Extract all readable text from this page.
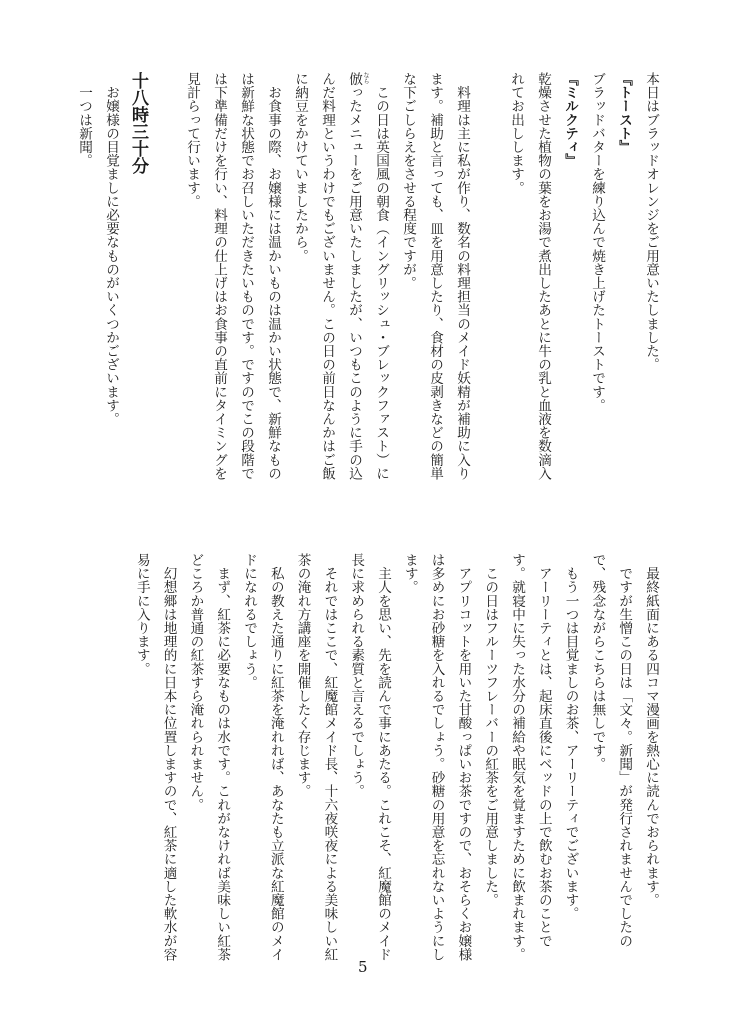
本日はブラッドオレンジをご用意いたしました。
『トースト』
ブラッドバターを練り込んで焼き上げたトーストです。
『ミルクティ』
乾燥させた植物の葉をお湯で煮出したあとに牛の乳と血液を数滴入
れてお出しします。
　料理は主に私が作り、数名の料理担当のメイド妖精が補助に入り
ます。補助と言っても、皿を用意したり、食材の皮剥きなどの簡単
な下ごしらえをさせる程度ですが。
　この日は英国風の朝食（イングリッシュ・ブレックファスト）に
倣ったメニューをご用意いたしましたが、いつもこのように手の込 なら
んだ料理というわけでもございません。この日の前日なんかはご飯
に納豆をかけていましたから。
　お食事の際、お嬢様には温かいものは温かい状態で、新鮮なもの
は新鮮な状態でお召しいただきたいものです。ですのでこの段階で
は下準備だけを行い、料理の仕上げはお食事の直前にタイミングを
見計らって行います。
十八時三十分
　お嬢様の目覚ましに必要なものがいくつかございます。
　一つは新聞。
　最終紙面にある四コマ漫画を熱心に読んでおられます。
　ですが生憎この日は「文々。新聞」が発行されませんでしたの
で、残念ながらこちらは無しです。
　もう一つは目覚ましのお茶、アーリーティでございます。
　アーリーティとは、起床直後にベッドの上で飲むお茶のことで
す。就寝中に失った水分の補給や眠気を覚ますために飲まれます。
　この日はフルーツフレーバーの紅茶をご用意しました。
　アプリコットを用いた甘酸っぱいお茶ですので、おそらくお嬢様
は多めにお砂糖を入れるでしょう。砂糖の用意を忘れないようにし
ます。
　主人を思い、先を読んで事にあたる。これこそ、紅魔館のメイド
長に求められる素質と言えるでしょう。
　それではここで、紅魔館メイド長、十六夜咲夜による美味しい紅
茶の淹れ方講座を開催したく存じます。
　私の教えた通りに紅茶を淹れれば、あなたも立派な紅魔館のメイ
ドになれるでしょう。
　まず、紅茶に必要なものは水です。これがなければ美味しい紅茶
どころか普通の紅茶すら淹れられません。
　幻想郷は地理的に日本に位置しますので、紅茶に適した軟水が容
易に手に入ります。
5
